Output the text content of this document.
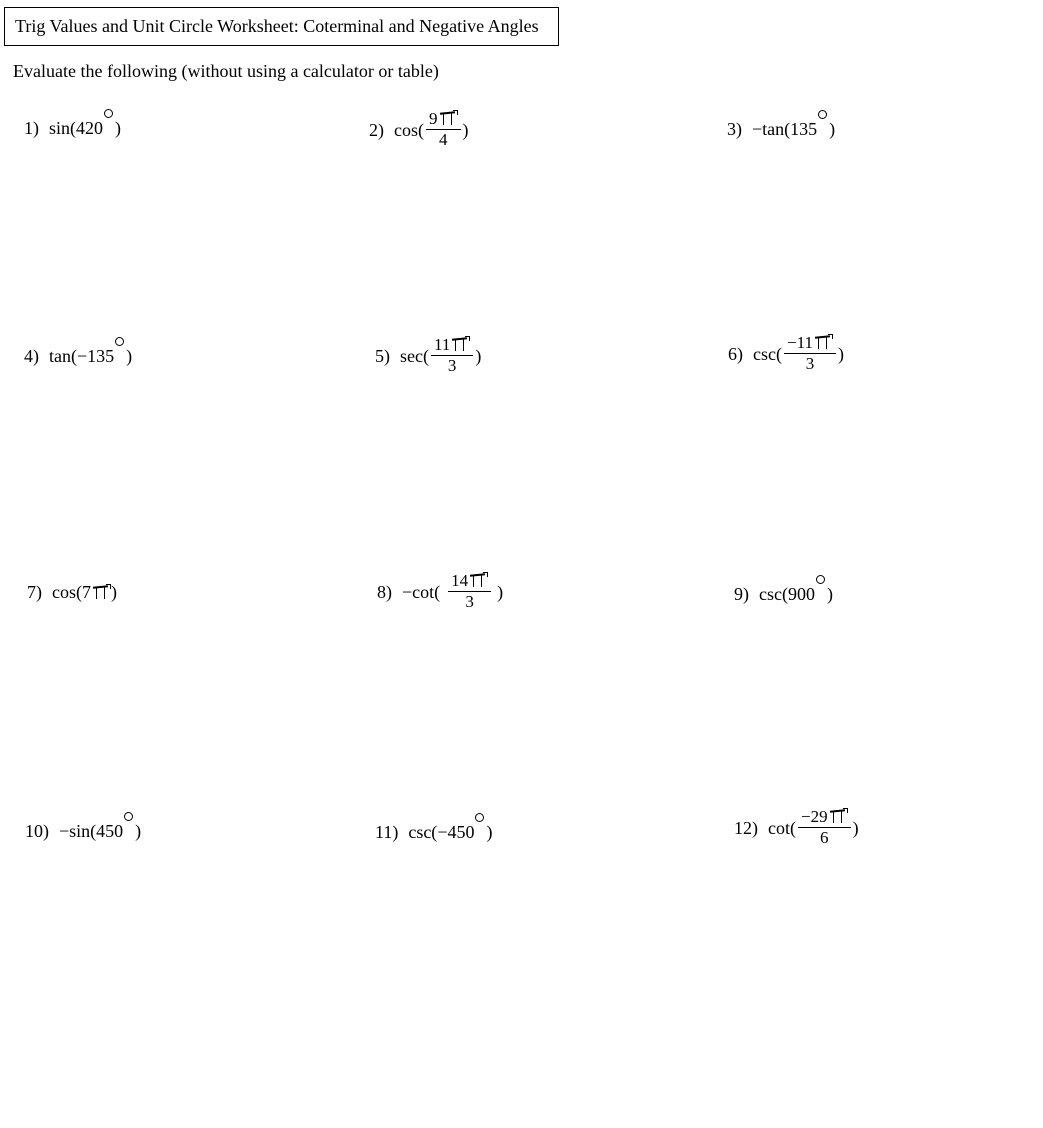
Trig Values and Unit Circle Worksheet: Coterminal and Negative Angles
Evaluate the following (without using a calculator or table)
1) sin( 420 )	2) $\cos( \frac{9}{4}$ )	3) −tan( 135 )
4) tan( −135 )	5) $\sec( \frac{11}{3}$ )	6) $\csc( \frac{-11}{3}$ )
7) cos( 7 )	$8) -\cot( \frac{14}{3}$ )	9) csc( 900 )
10) −sin( 450 )	11) csc( −450 )	12) $\cot( \frac{-29}{6}$ )
